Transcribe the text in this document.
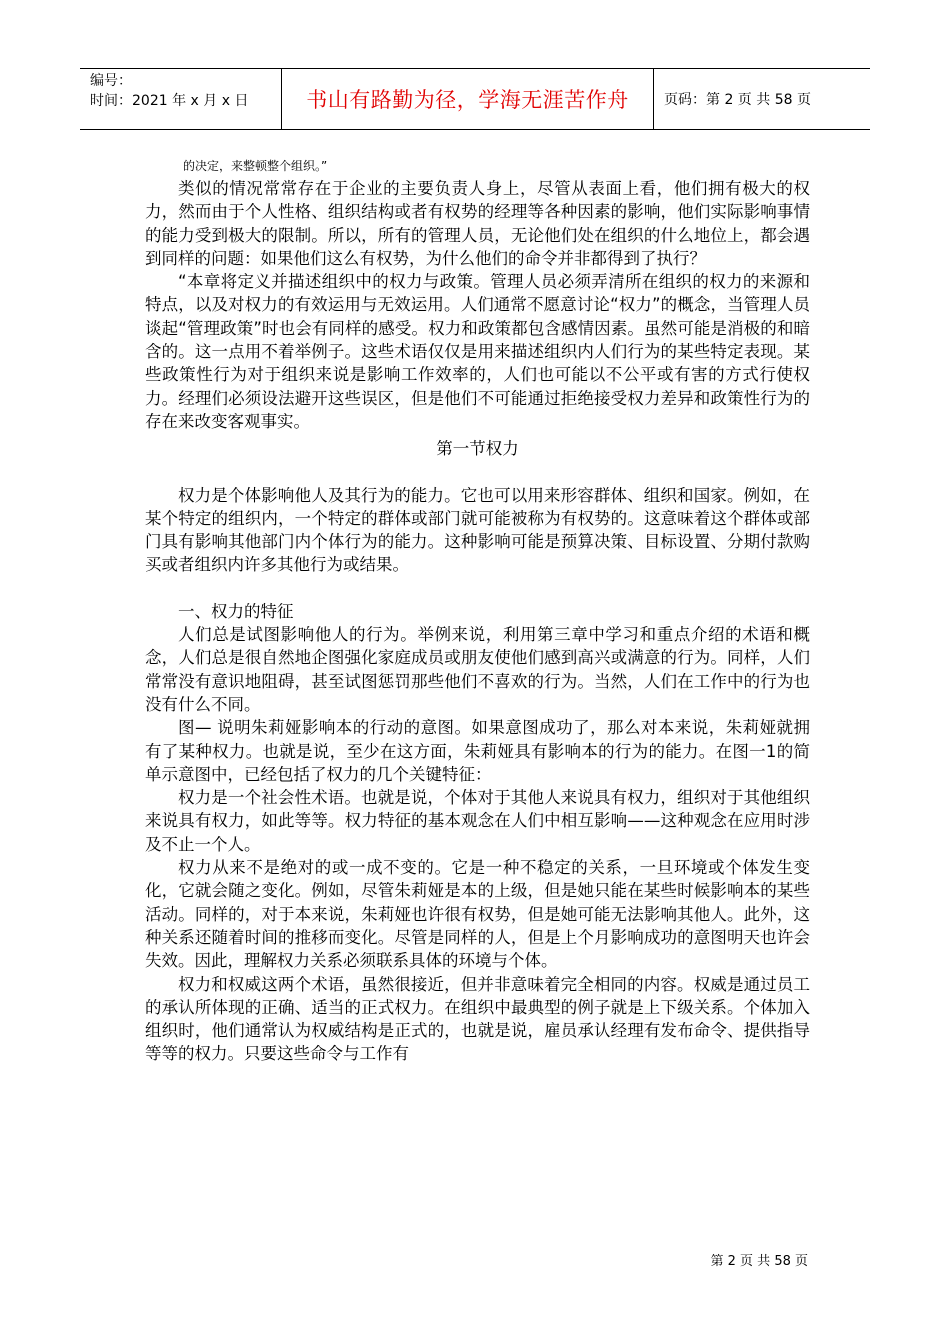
编号：
时间：2021 年 x 月 x 日	书山有路勤为径，学海无涯苦作舟	页码：第 2 页 共 58 页

的决定，来整顿整个组织。”

类似的情况常常存在于企业的主要负责人身上，尽管从表面上看，他们拥有极大的权力，然而由于个人性格、组织结构或者有权势的经理等各种因素的影响，他们实际影响事情的能力受到极大的限制。所以，所有的管理人员，无论他们处在组织的什么地位上，都会遇到同样的问题：如果他们这么有权势，为什么他们的命令并非都得到了执行？

“本章将定义并描述组织中的权力与政策。管理人员必须弄清所在组织的权力的来源和特点，以及对权力的有效运用与无效运用。人们通常不愿意讨论“权力”的概念，当管理人员谈起“管理政策”时也会有同样的感受。权力和政策都包含感情因素。虽然可能是消极的和暗含的。这一点用不着举例子。这些术语仅仅是用来描述组织内人们行为的某些特定表现。某些政策性行为对于组织来说是影响工作效率的，人们也可能以不公平或有害的方式行使权力。经理们必须设法避开这些误区，但是他们不可能通过拒绝接受权力差异和政策性行为的存在来改变客观事实。

第一节权力

权力是个体影响他人及其行为的能力。它也可以用来形容群体、组织和国家。例如，在某个特定的组织内，一个特定的群体或部门就可能被称为有权势的。这意味着这个群体或部门具有影响其他部门内个体行为的能力。这种影响可能是预算决策、目标设置、分期付款购买或者组织内许多其他行为或结果。

一、权力的特征

人们总是试图影响他人的行为。举例来说，利用第三章中学习和重点介绍的术语和概念，人们总是很自然地企图强化家庭成员或朋友使他们感到高兴或满意的行为。同样，人们常常没有意识地阻碍，甚至试图惩罚那些他们不喜欢的行为。当然，人们在工作中的行为也没有什么不同。

图— 说明朱莉娅影响本的行动的意图。如果意图成功了，那么对本来说，朱莉娅就拥有了某种权力。也就是说，至少在这方面，朱莉娅具有影响本的行为的能力。在图一1的简单示意图中，已经包括了权力的几个关键特征：

权力是一个社会性术语。也就是说，个体对于其他人来说具有权力，组织对于其他组织来说具有权力，如此等等。权力特征的基本观念在人们中相互影响——这种观念在应用时涉及不止一个人。

权力从来不是绝对的或一成不变的。它是一种不稳定的关系，一旦环境或个体发生变化，它就会随之变化。例如，尽管朱莉娅是本的上级，但是她只能在某些时候影响本的某些活动。同样的，对于本来说，朱莉娅也许很有权势，但是她可能无法影响其他人。此外，这种关系还随着时间的推移而变化。尽管是同样的人，但是上个月影响成功的意图明天也许会失效。因此，理解权力关系必须联系具体的环境与个体。

权力和权威这两个术语，虽然很接近，但并非意味着完全相同的内容。权威是通过员工的承认所体现的正确、适当的正式权力。在组织中最典型的例子就是上下级关系。个体加入组织时，他们通常认为权威结构是正式的，也就是说，雇员承认经理有发布命令、提供指导等等的权力。只要这些命令与工作有

第 2 页 共 58 页
